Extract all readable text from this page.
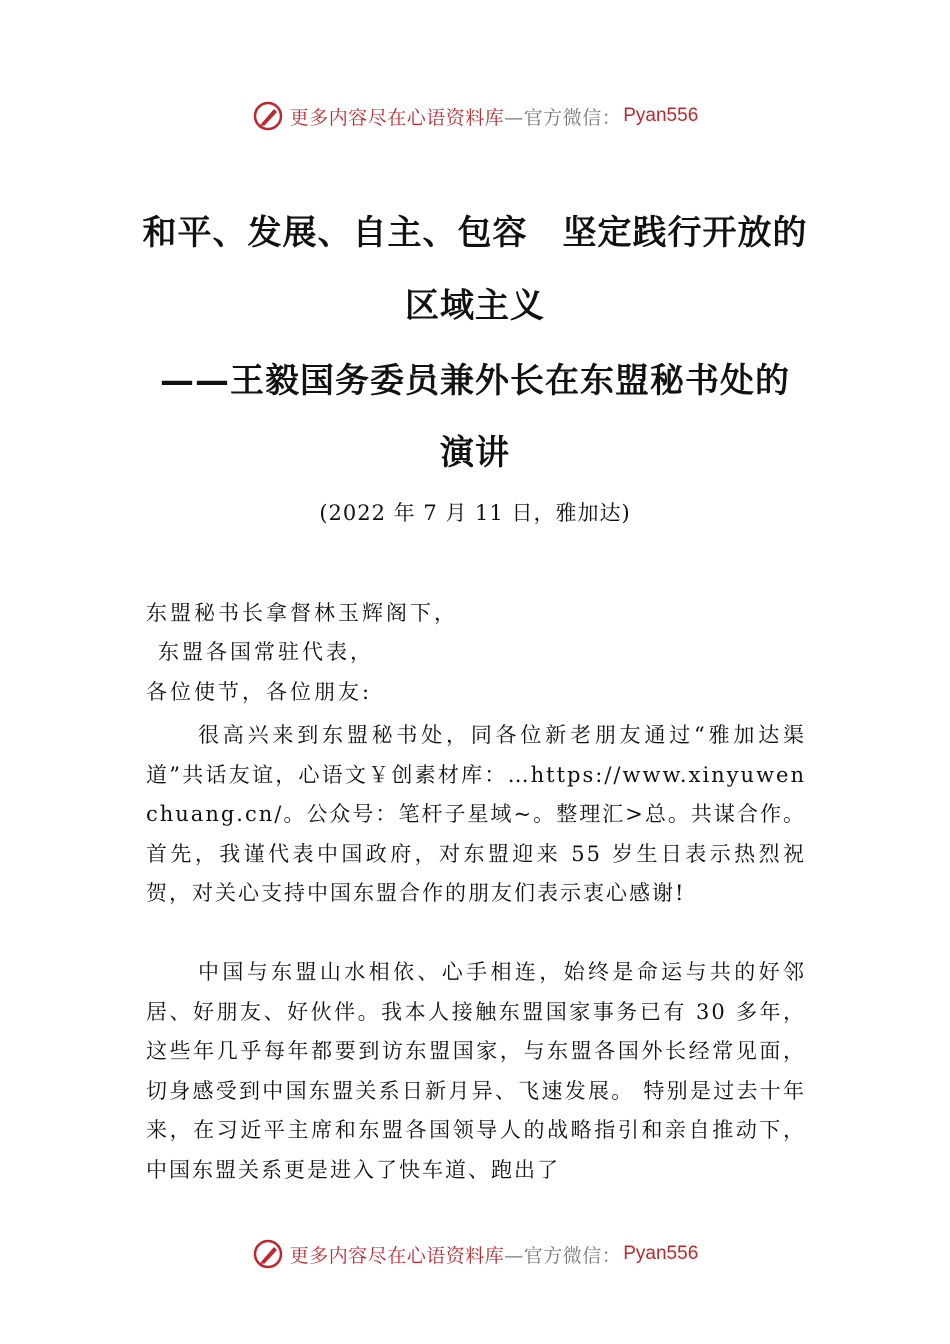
更多内容尽在心语资料库 —官方微信： Pyan556
和平、发展、自主、包容　坚定践行开放的
区域主义
——王毅国务委员兼外长在东盟秘书处的
演讲
(2022 年 7 月 11 日，雅加达)
东盟秘书长拿督林玉辉阁下，
东盟各国常驻代表，
各位使节，各位朋友:

很高兴来到东盟秘书处，同各位新老朋友通过“雅加达渠道”共话友谊，心语文￥创素材库：…https://www.xinyuwenchuang.cn/。公众号：笔杆子星域~。整理汇>总。共谋合作。首先，我谨代表中国政府，对东盟迎来 55 岁生日表示热烈祝贺，对关心支持中国东盟合作的朋友们表示衷心感谢!

中国与东盟山水相依、心手相连，始终是命运与共的好邻居、好朋友、好伙伴。我本人接触东盟国家事务已有 30 多年，这些年几乎每年都要到访东盟国家，与东盟各国外长经常见面，切身感受到中国东盟关系日新月异、飞速发展。 特别是过去十年来，在习近平主席和东盟各国领导人的战略指引和亲自推动下，中国东盟关系更是进入了快车道、跑出了

更多内容尽在心语资料库 —官方微信： Pyan556
